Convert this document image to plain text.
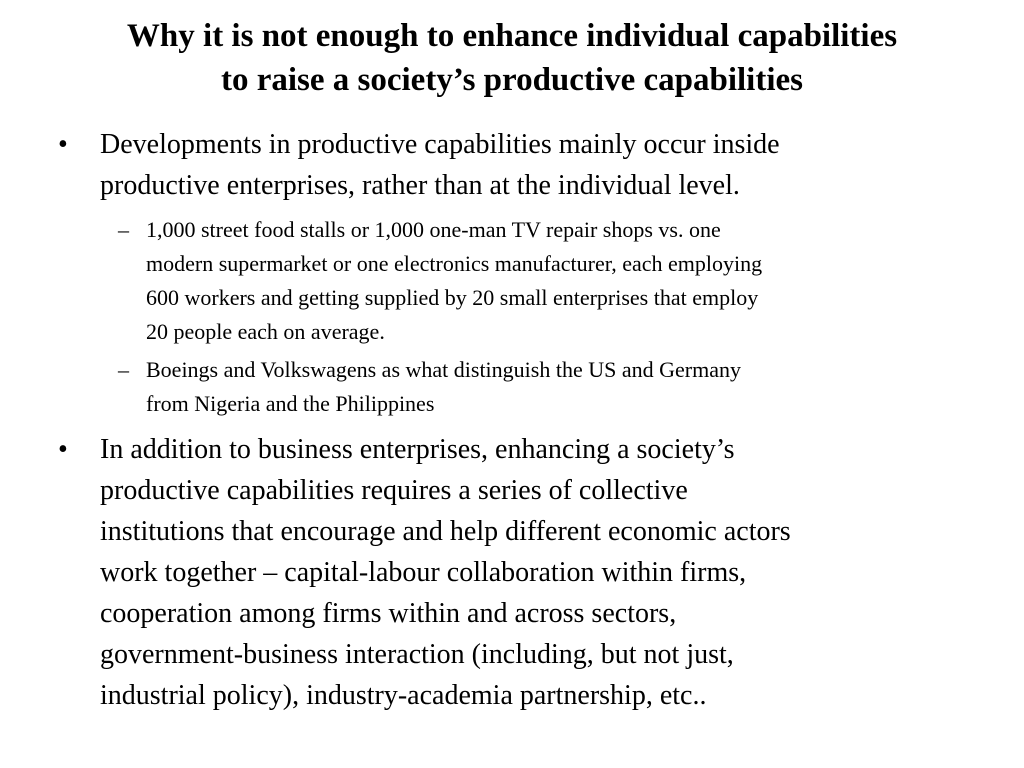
Why it is not enough to enhance individual capabilities
to raise a society’s productive capabilities
•	Developments in productive capabilities mainly occur inside
productive enterprises, rather than at the individual level.
– 1,000 street food stalls or 1,000 one-man TV repair shops vs. one
modern supermarket or one electronics manufacturer, each employing
600 workers and getting supplied by 20 small enterprises that employ
20 people each on average.
– Boeings and Volkswagens as what distinguish the US and Germany
from Nigeria and the Philippines
•	In addition to business enterprises, enhancing a society’s
productive capabilities requires a series of collective
institutions that encourage and help different economic actors
work together – capital-labour collaboration within firms,
cooperation among firms within and across sectors,
government-business interaction (including, but not just,
industrial policy), industry-academia partnership, etc..
